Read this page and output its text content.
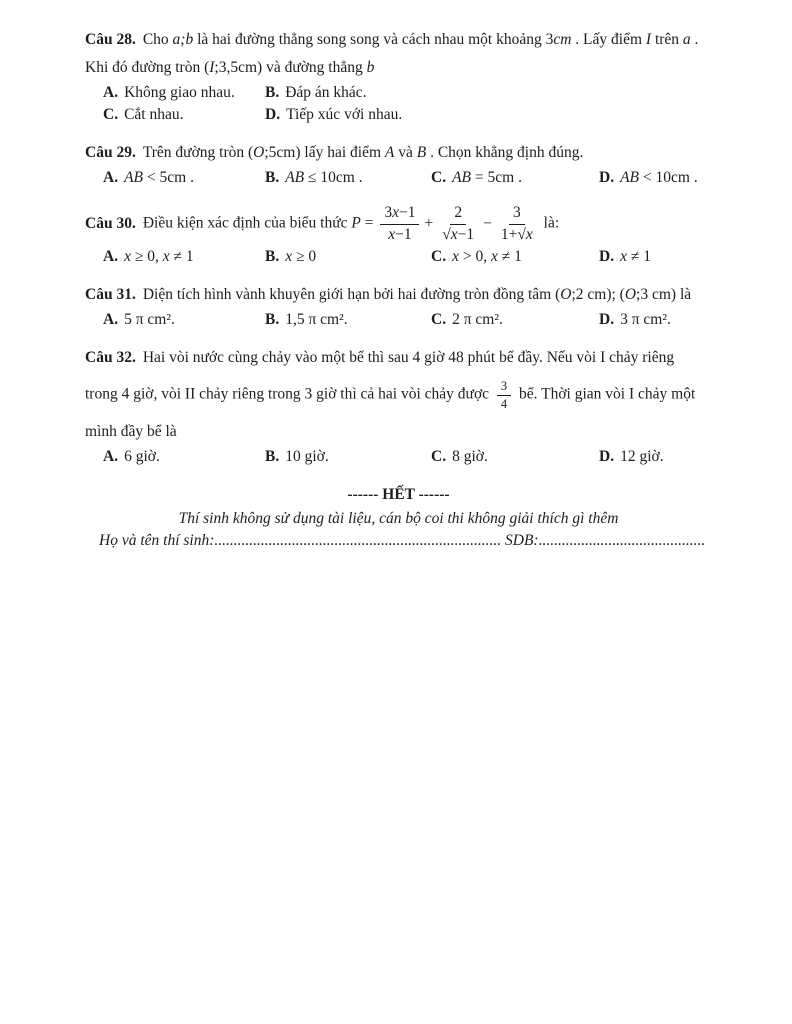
Câu 28. Cho a;b là hai đường thẳng song song và cách nhau một khoảng 3cm . Lấy điểm I trên a .

Khi đó đường tròn (I;3,5cm) và đường thẳng b

A. Không giao nhau.	B. Đáp án khác.
C. Cắt nhau.	D. Tiếp xúc với nhau.

Câu 29. Trên đường tròn (O;5cm) lấy hai điểm A và B . Chọn khẳng định đúng.

A. AB < 5cm .	B. AB ≤ 10cm .	C. AB = 5cm .	D. AB < 10cm .

Câu 30. Điều kiện xác định của biểu thức $P = \frac{3x-1}{x-1} + \frac{2}{√x-1} - \frac{3}{1+√x}$ là:

A. x ≥ 0, x ≠ 1	B. x ≥ 0	C. x > 0, x ≠ 1	D. x ≠ 1

Câu 31. Diện tích hình vành khuyên giới hạn bởi hai đường tròn đồng tâm (O;2 cm); (O;3 cm) là

A. 5 π cm².	B. 1,5 π cm².	C. 2 π cm².	D. 3 π cm².

Câu 32. Hai vòi nước cùng chảy vào một bể thì sau 4 giờ 48 phút bể đầy. Nếu vòi I chảy riêng

trong 4 giờ, vòi II chảy riêng trong 3 giờ thì cả hai vòi chảy được $\frac{3}{4}$ bể. Thời gian vòi I chảy một

mình đầy bể là

A. 6 giờ.	B. 10 giờ.	C. 8 giờ.	D. 12 giờ.

------ HẾT ------

Thí sinh không sử dụng tài liệu, cán bộ coi thi không giải thích gì thêm

Họ và tên thí sinh:.......................................................................... SDB:...........................................
